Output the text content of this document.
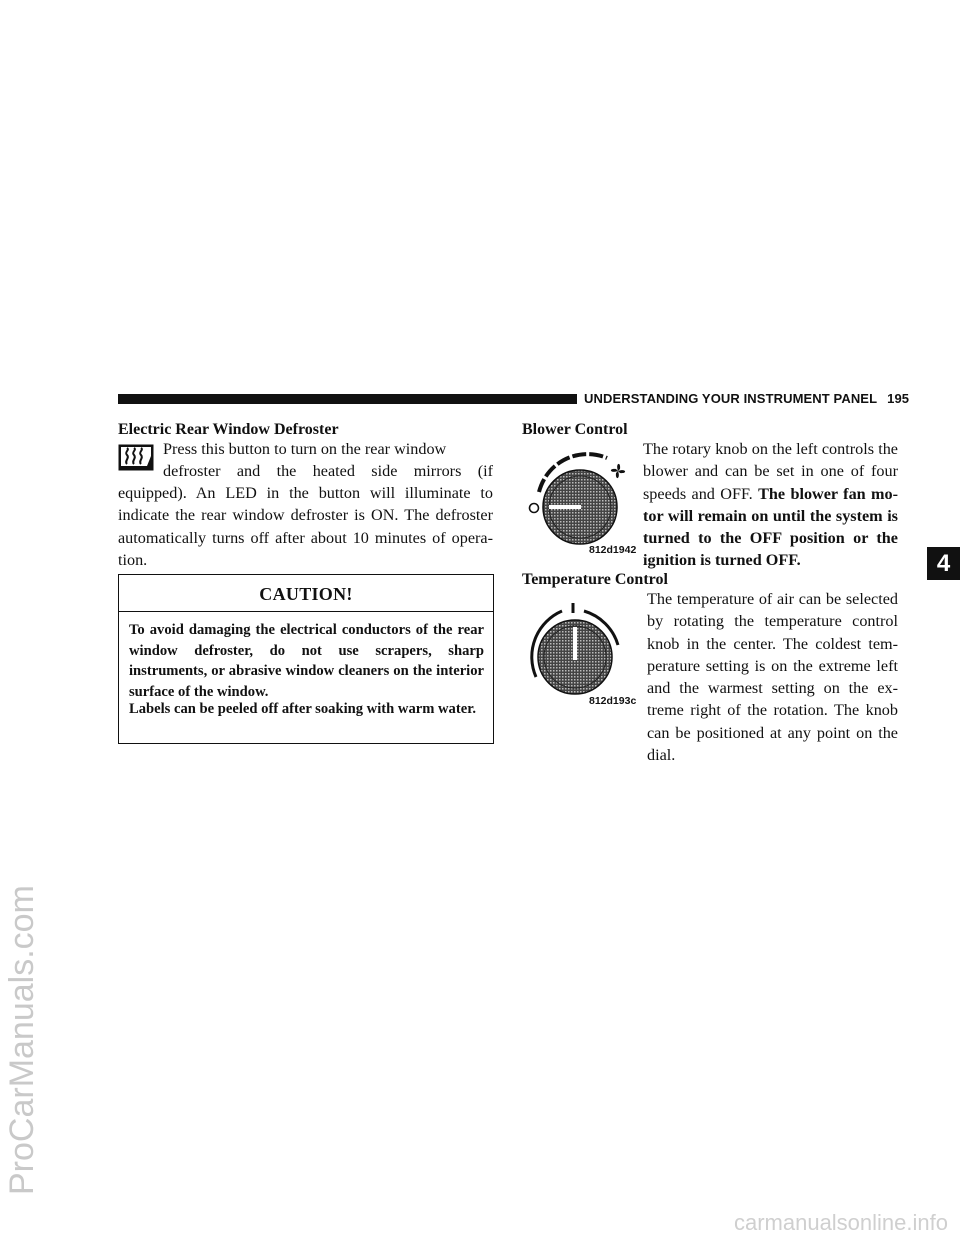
UNDERSTANDING YOUR INSTRUMENT PANEL 195
4
Electric Rear Window Defroster
Press this button to turn on the rear window
defroster and the heated side mirrors (if
equipped). An LED in the button will illuminate to indicate the rear window defroster is ON. The defroster automatically turns off after about 10 minutes of opera- tion.
CAUTION!
To avoid damaging the electrical conductors of the rear window defroster, do not use scrapers, sharp instruments, or abrasive window cleaners on the interior surface of the window.
Labels can be peeled off after soaking with warm water.
Blower Control
812d1942
The rotary knob on the left controls the blower and can be set in one of four speeds and OFF. The blower fan mo- tor will remain on until the system is turned to the OFF position or the ignition is turned OFF.
Temperature Control
812d193c
The temperature of air can be selected by rotating the temperature control knob in the center. The coldest tem- perature setting is on the extreme left and the warmest setting on the ex- treme right of the rotation. The knob can be positioned at any point on the dial.
ProCarManuals.com
carmanualsonline.info
